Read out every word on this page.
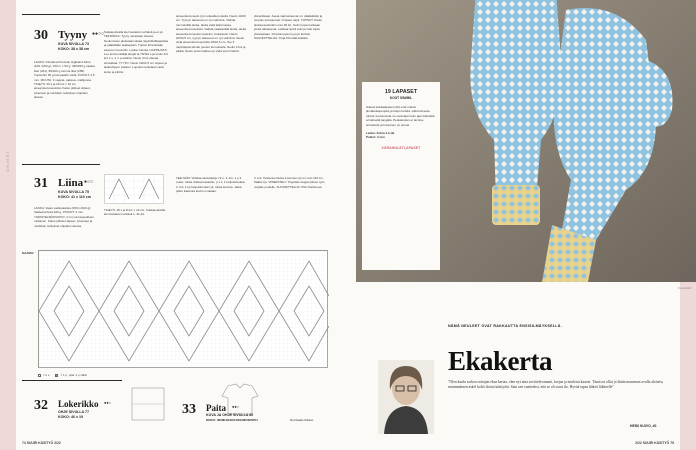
OHJEET
30 Tyyny ●●○○
KUVA SIVULLA 73
KOKO: 38 x 38 cm
LANKA: Filcolana Peruvian Highland Wool (100 m/50 g), 150 m = 50 g: 330/250 g vaalea lilac (261), 80/100 g tumma lilac (258). Tupsuihin 35 g kumpaakin väriä. PUIKOT: 4,5 mm. MUUTA: 3 nappia, paksua, mallijonoa. TIHEYS: 20 s ja 26 krs = 10 cm aineenkuvioneulotta. Katso pitkiset silpeet, lyhenteet ja merkkien selitykset ohjeiden alussa.
Sukkapuikoilla kierrostoikoin tehtävä ja ei-yk. TEKNIIKKA: Tyyny neulotaan tasona. Neulominen aloitetaan takaa napinlävilläpaloista ja päätellään taaksepäin. Tupsut kiinnitetään etusuun reunoihin. Lanka: Novita. NAPPILISTA: Luo lommentitilijä langat la 75/110 s ja neulo 4/4 krs 1 s, 1 n -joustinta. Neulo 3 krs oikeaa silmukkaa. TYYNY: Neulo 19/22,5 cm ohjeen ja laskuohjeen sukaan. Lopuksi neulotaan vielä lenko ja pilvitä.
aineenkuvioneulo tyyn oikealla puolella. Neulo 14/20 cm. Tyynyn alareuna on nyt valmiina. Vaihda tummanlilla lanka, aloita vielä kaksi tasaa aineenkuvioneulotta. Vaihda vaaleanlilla lanka, aloita aineenkuvioneuloin kaavion mukaisesti. Neulo 20/34,5 cm, tyynyn alareuna on nyt valmiina. Neulo vielä aineenkuvioneulotta 18/22,5 cm. Tee 3 napinläpeä silmän puolen kerroksella. Neulo 3 krs ja päätä. Neulo ensimmäinen ja vielä sivun lisärivi.
ylänurkkaan. Aseta napitusreunat s:n päällekkäin ja ompele sivusaumat. Ompele napit. TUPSUT: Kiedo lankaa kartonkiin noin 60 krt. Solmi tupsu lankaan jonka taitoksesta. Leikkaa lenkit auki ja sido tupsu yläosastaan. Kiinnitä tupsut tyynyn kulmiin. SUUNNITTELIJA: Tiuja Kivimäki-Hakala
31 Liina ●○○
KUVA SIVULLA 75
KOKO: 41 x 110 cm
LANKA: Vaaro pellavalanka (150 m/100 g): Vaaleanvihreä 400 g. PUIKOT: 4 mm. YHDISTELMÄPUIKKO: 4 mm tai tarpeellinen mittainen. Katso pitkiset silpeet, lyhenteet ja merkkien selitykset ohjeiden alussa.
TIHEYS: 19 s ja 8 krs = 10 cm. Sukkapuikoilla kierrostoikoin tehtävä s. 41-42.
TEE NÄIN: Virkkaa aloitusketju 72 s. 1. krs: 1 p 4. s:aan, toista virkkaa keskelle, p 1 s, 1 ketjusilmukka. 2. krs: 1 kp ketjusilmukan yli, toista kuviota. Jatka pitkin kaaviota kuvion mukaan.
3. krs: Toista kerroksia 2 kunnes työ on noin 110 cm. Päätä työ. VIIMEISTELY: Pujottele langat piiloon työn nurjalle puolelle. SUUNNITTELIJA: Pilvi Nurkkonen
KAAVIO
= k s	= 1 p, pilar 1 p väliin
32 Lokerikko ●●○
OHJE SIVULLA 77
KOKO: 46 x 19	33 Paita ●●○
KUVA JA OHJE SIVULLA 80
KOKO: 36/38/40/42/44/46/48/50/52/54	Nurrivaali ohtidoo
74 SUURI KÄSITYÖ 2/22
19 LAPASET
KOOT S/M/M/L
Sukeet kukkalapaset (19) ovat mainio jämälankaprojekti ja helpot tehdä, sillä kolmesta värivä, kuvioineista ne neulotaan kuin ajan kahdella erivärisellä langalla. Peukaloiden ei tarvitse silmukoita ja kuvioinen on pienet.
Lanka: Zebra 4-k-tik
Puikot: 3 mm
#GRANNLÄTLAPASET
Kuvat HHM
NÄMÄ NEULEET OVAT RAKKAUTTA ENSISILMÄYKSELLÄ.
Ekakerta
"Olen kuulu sorkea oottajan ekaa kertaa, olen nyt aina sovittelevamani, korjaa ja neulotut kaavat. Tämä on ollut jo ikään mummon avulla aloitetu, ensimmäinen askel kohti iloista käsityötä. Sain sen vaatteeksi, että se oli suuri ilo. Hyvää tapaa lähteä liikkeelle"
HEIDI KUIVO, 40
2/22 SUURI KÄSITYÖ 75
